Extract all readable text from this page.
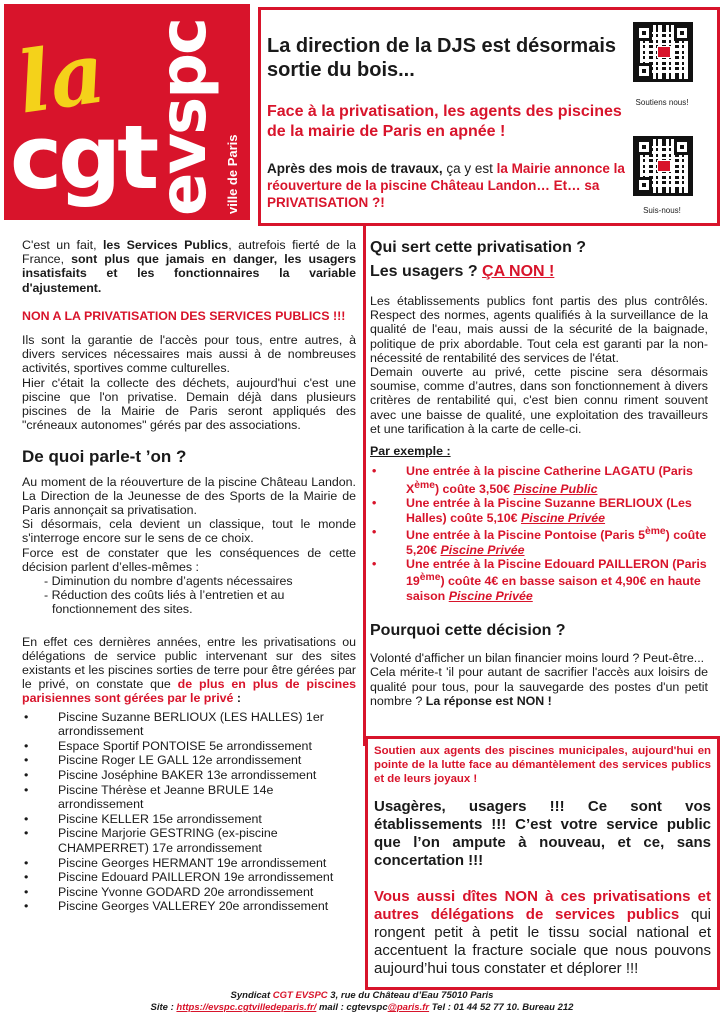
la
cgt
evspc ville de Paris
La direction de la DJS est désormais sortie du bois...
Face à la privatisation, les agents des piscines de la mairie de Paris en apnée !
Après des mois de travaux, ça y est la Mairie annonce la réouverture de la piscine Château Landon… Et… sa PRIVATISATION ?!
Soutiens nous!
Suis-nous!

C'est un fait, les Services Publics, autrefois fierté de la France, sont plus que jamais en danger, les usagers insatisfaits et les fonctionnaires la variable d'ajustement.

NON A LA PRIVATISATION DES SERVICES PUBLICS !!!

Ils sont la garantie de l'accès pour tous, entre autres, à divers services nécessaires mais aussi à de nombreuses activités, sportives comme culturelles.

Hier c'était la collecte des déchets, aujourd'hui c'est une piscine que l'on privatise. Demain déjà dans plusieurs piscines de la Mairie de Paris seront appliqués des "créneaux autonomes" gérés par des associations.

De quoi parle-t ’on ?

Au moment de la réouverture de la piscine Château Landon. La Direction de la Jeunesse de des Sports de la Mairie de Paris annonçait sa privatisation.

Si désormais, cela devient un classique, tout le monde s'interroge encore sur le sens de ce choix.

Force est de constater que les conséquences de cette décision parlent d’elles-mêmes :

- Diminution du nombre d’agents nécessaires
- Réduction des coûts liés à l’entretien et au fonctionnement des sites.

En effet ces dernières années, entre les privatisations ou délégations de service public intervenant sur des sites existants et les piscines sorties de terre pour être gérées par le privé, on constate que de plus en plus de piscines parisiennes sont gérées par le privé :

• Piscine Suzanne BERLIOUX (LES HALLES) 1er arrondissement
• Espace Sportif PONTOISE 5e arrondissement
• Piscine Roger LE GALL 12e arrondissement
• Piscine Joséphine BAKER 13e arrondissement
• Piscine Thérèse et Jeanne BRULE 14e arrondissement
• Piscine KELLER 15e arrondissement
• Piscine Marjorie GESTRING (ex-piscine CHAMPERRET) 17e arrondissement
• Piscine Georges HERMANT 19e arrondissement
• Piscine Edouard PAILLERON 19e arrondissement
• Piscine Yvonne GODARD 20e arrondissement
• Piscine Georges VALLEREY 20e arrondissement
Qui sert cette privatisation ?
Les usagers ? ÇA NON !

Les établissements publics font partis des plus contrôlés. Respect des normes, agents qualifiés à la surveillance de la qualité de l'eau, mais aussi de la sécurité de la baignade, politique de prix abordable. Tout cela est garanti par la non-nécessité de rentabilité des services de l'état.

Demain ouverte au privé, cette piscine sera désormais soumise, comme d’autres, dans son fonctionnement à divers critères de rentabilité qui, c'est bien connu riment souvent avec une baisse de qualité, une exploitation des travailleurs et une tarification à la carte de celle-ci.

Par exemple :

• Une entrée à la piscine Catherine LAGATU (Paris Xème) coûte 3,50€ Piscine Public
• Une entrée à la Piscine Suzanne BERLIOUX (Les Halles) coûte 5,10€ Piscine Privée
• Une entrée à la Piscine Pontoise (Paris 5ème) coûte 5,20€ Piscine Privée
• Une entrée à la Piscine Edouard PAILLERON (Paris 19ème) coûte 4€ en basse saison et 4,90€ en haute saison Piscine Privée
Pourquoi cette décision ?

Volonté d'afficher un bilan financier moins lourd ? Peut-être...

Cela mérite-t 'il pour autant de sacrifier l'accès aux loisirs de qualité pour tous, pour la sauvegarde des postes d'un petit nombre ? La réponse est NON !

Soutien aux agents des piscines municipales, aujourd'hui en pointe de la lutte face au démantèlement des services publics et de leurs joyaux !

Usagères, usagers !!! Ce sont vos établissements !!! C’est votre service public que l’on ampute à nouveau, et ce, sans concertation !!!

Vous aussi dîtes NON à ces privatisations et autres délégations de services publics qui rongent petit à petit le tissu social national et accentuent la fracture sociale que nous pouvons aujourd’hui tous constater et déplorer !!!

Syndicat CGT EVSPC 3, rue du Château d’Eau 75010 Paris
Site : https://evspc.cgtvilledeparis.fr/ mail : cgtevspc@paris.fr Tel : 01 44 52 77 10. Bureau 212
